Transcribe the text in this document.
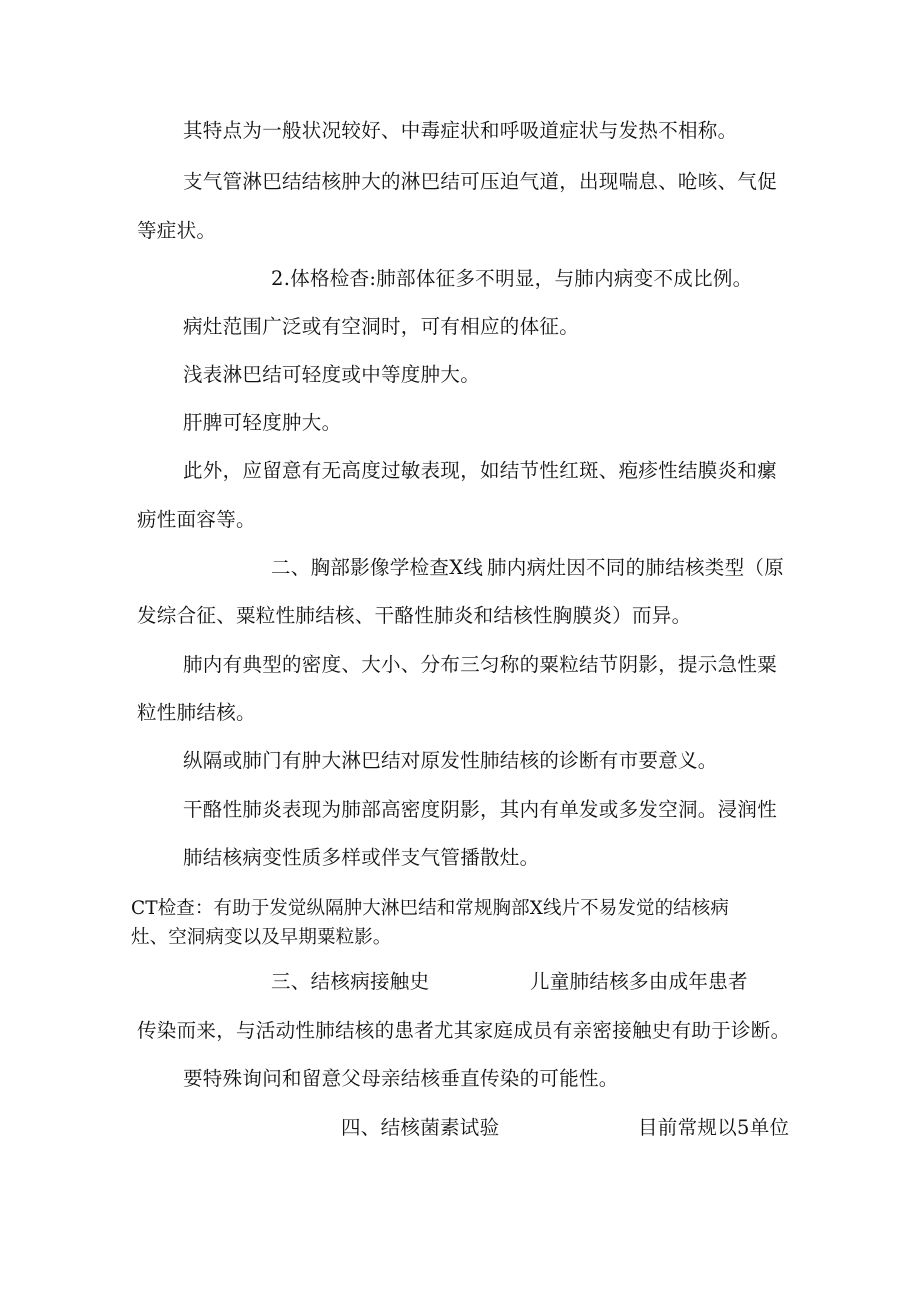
其特点为一般状况较好、中毒症状和呼吸道症状与发热不相称。
支气管淋巴结结核肿大的淋巴结可压迫气道，出现喘息、呛咳、气促
等症状。
2.体格检杳:肺部体征多不明显，与肺内病变不成比例。
病灶范围广泛或有空洞时，可有相应的体征。
浅表淋巴结可轻度或中等度肿大。
肝脾可轻度肿大。
此外，应留意有无高度过敏表现，如结节性红斑、疱疹性结膜炎和瘰
疬性面容等。
二、胸部影像学检查X线 肺内病灶因不同的肺结核类型（原
发综合征、粟粒性肺结核、干酪性肺炎和结核性胸膜炎）而异。
肺内有典型的密度、大小、分布三匀称的粟粒结节阴影，提示急性粟
粒性肺结核。
纵隔或肺门有肿大淋巴结对原发性肺结核的诊断有市要意义。
干酪性肺炎表现为肺部高密度阴影，其内有单发或多发空洞。浸润性
肺结核病变性质多样或伴支气管播散灶。
CT检查：有助于发觉纵隔肿大淋巴结和常规胸部X线片不易发觉的结核病
灶、空洞病变以及早期粟粒影。
三、结核病接触史	儿童肺结核多由成年患者
传染而来，与活动性肺结核的患者尤其家庭成员有亲密接触史有助于诊断。
要特殊询问和留意父母亲结核垂直传染的可能性。
四、结核菌素试验	目前常规以5单位
